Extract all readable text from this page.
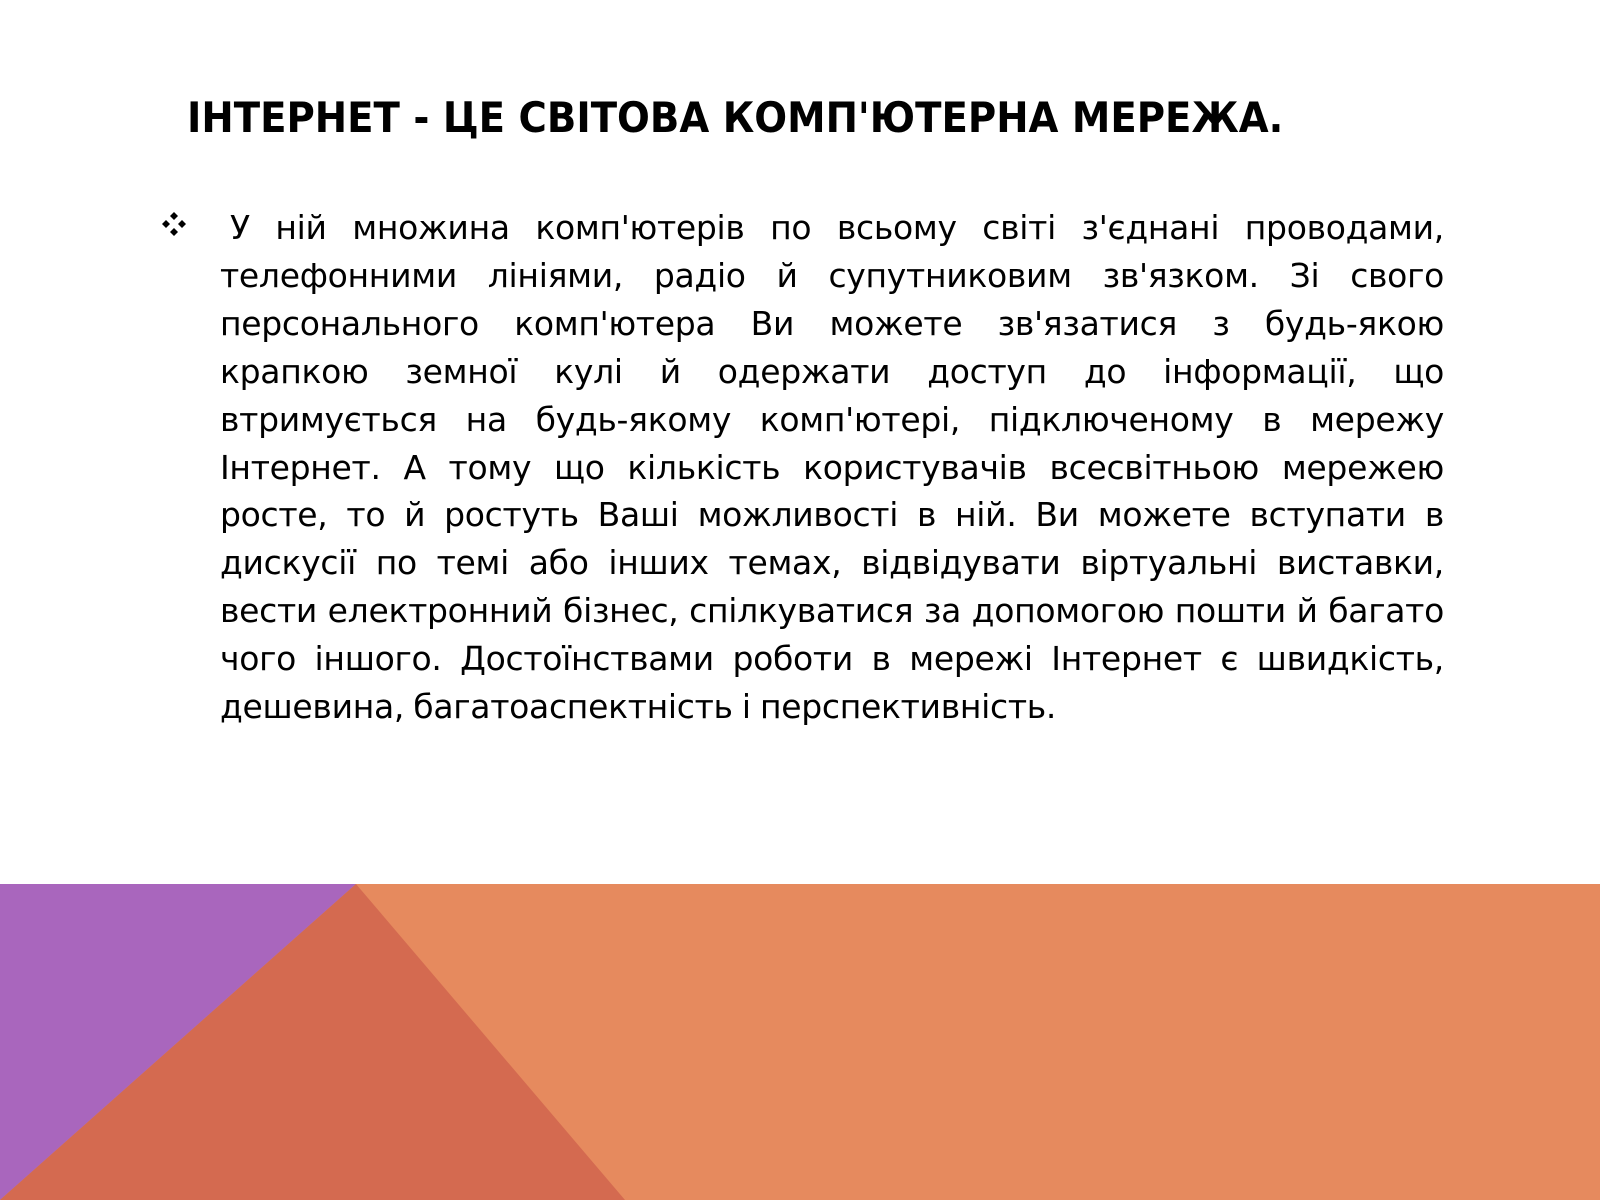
ІНТЕРНЕТ - ЦЕ СВІТОВА КОМП'ЮТЕРНА МЕРЕЖА.

У ній множина комп'ютерів по всьому світі з'єднані проводами, телефонними лініями, радіо й супутниковим зв'язком. Зі свого персонального комп'ютера Ви можете зв'язатися з будь-якою крапкою земної кулі й одержати доступ до інформації, що втримується на будь-якому комп'ютері, підключеному в мережу Інтернет. А тому що кількість користувачів всесвітньою мережею росте, то й ростуть Ваші можливості в ній. Ви можете вступати в дискусії по темі або інших темах, відвідувати віртуальні виставки, вести електронний бізнес, спілкуватися за допомогою пошти й багато чого іншого. Достоїнствами роботи в мережі Інтернет є швидкість, дешевина, багатоаспектність і перспективність.
